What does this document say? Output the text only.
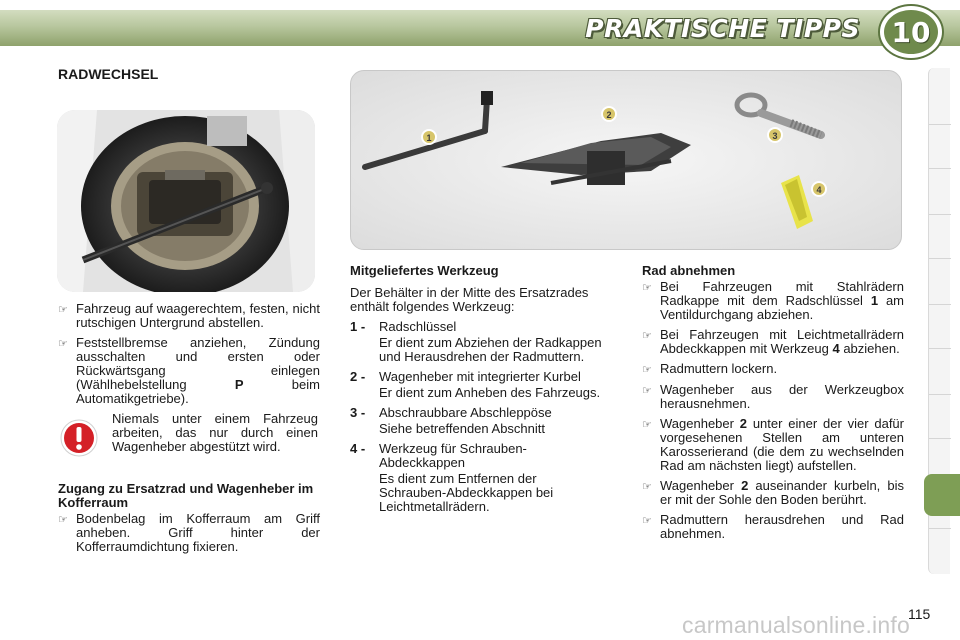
PRAKTISCHE TIPPS 10
RADWECHSEL
1
2
3
4
☞ Fahrzeug auf waagerechtem, festen, nicht rutschigen Untergrund abstellen.
☞ Feststellbremse anziehen, Zündung ausschalten und ersten oder Rückwärtsgang einlegen (Wählhebelstellung	P beim Automatikgetriebe).
Niemals unter einem Fahrzeug arbeiten, das nur durch einen Wagenheber abgestützt wird.
Zugang zu Ersatzrad und Wagenheber im Kofferraum
☞ Bodenbelag im Kofferraum am Griff anheben. Griff hinter der Kofferraumdichtung fixieren.
Mitgeliefertes Werkzeug
Der Behälter in der Mitte des Ersatzrades enthält folgendes Werkzeug:
1 -	Radschlüssel
Er dient zum Abziehen der Radkappen und Herausdrehen der Radmuttern.
2 -	Wagenheber mit integrierter Kurbel
Er dient zum Anheben des Fahrzeugs.
3 -	Abschraubbare Abschleppöse
Siehe betreffenden Abschnitt
4 -	Werkzeug für Schrauben-Abdeckkappen
Es dient zum Entfernen der Schrauben-Abdeckkappen bei Leichtmetallrädern.
Rad abnehmen
☞ Bei Fahrzeugen mit Stahlrädern Radkappe mit dem Radschlüssel 1 am Ventildurchgang abziehen.
☞ Bei Fahrzeugen mit Leichtmetallrädern Abdeckkappen mit Werkzeug 4 abziehen.
☞ Radmuttern lockern.
☞ Wagenheber aus der Werkzeugbox herausnehmen.
☞ Wagenheber 2 unter einer der vier dafür vorgesehenen Stellen am unteren Karosserierand (die dem zu wechselnden Rad am nächsten liegt) aufstellen.
☞ Wagenheber 2 auseinander kurbeln, bis er mit der Sohle den Boden berührt.
☞ Radmuttern herausdrehen und Rad abnehmen.
115
carmanualsonline.info
